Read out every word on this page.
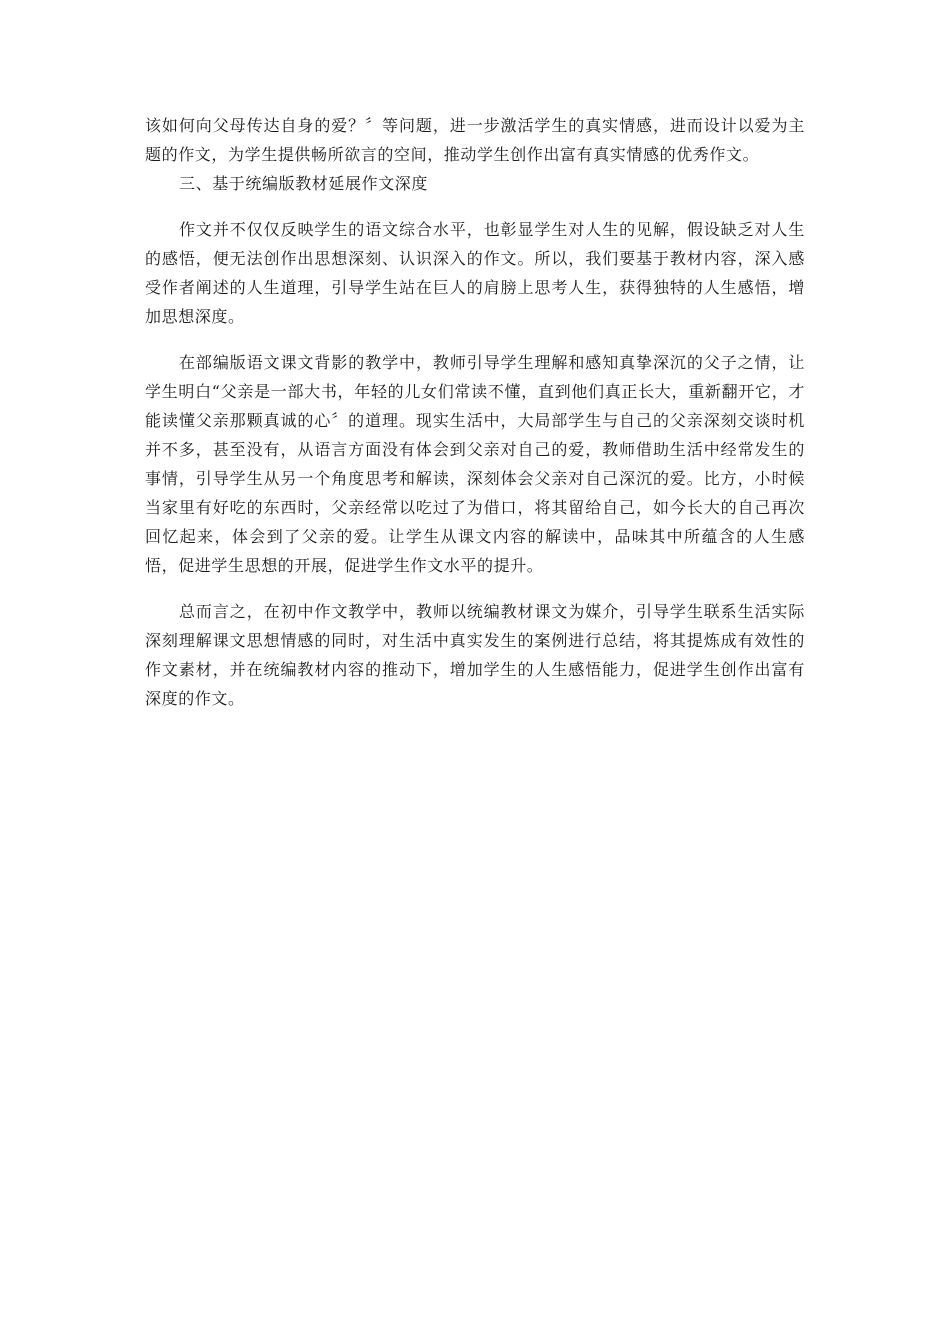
该如何向父母传达自身的爱？〞等问题，进一步激活学生的真实情感，进而设计以爱为主题的作文，为学生提供畅所欲言的空间，推动学生创作出富有真实情感的优秀作文。

三、基于统编版教材延展作文深度

作文并不仅仅反映学生的语文综合水平，也彰显学生对人生的见解，假设缺乏对人生的感悟，便无法创作出思想深刻、认识深入的作文。所以，我们要基于教材内容，深入感受作者阐述的人生道理，引导学生站在巨人的肩膀上思考人生，获得独特的人生感悟，增加思想深度。

在部编版语文课文背影的教学中，教师引导学生理解和感知真挚深沉的父子之情，让学生明白“父亲是一部大书，年轻的儿女们常读不懂，直到他们真正长大，重新翻开它，才能读懂父亲那颗真诚的心〞的道理。现实生活中，大局部学生与自己的父亲深刻交谈时机并不多，甚至没有，从语言方面没有体会到父亲对自己的爱，教师借助生活中经常发生的事情，引导学生从另一个角度思考和解读，深刻体会父亲对自己深沉的爱。比方，小时候当家里有好吃的东西时，父亲经常以吃过了为借口，将其留给自己，如今长大的自己再次回忆起来，体会到了父亲的爱。让学生从课文内容的解读中，品味其中所蕴含的人生感悟，促进学生思想的开展，促进学生作文水平的提升。

总而言之，在初中作文教学中，教师以统编教材课文为媒介，引导学生联系生活实际深刻理解课文思想情感的同时，对生活中真实发生的案例进行总结，将其提炼成有效性的作文素材，并在统编教材内容的推动下，增加学生的人生感悟能力，促进学生创作出富有深度的作文。
